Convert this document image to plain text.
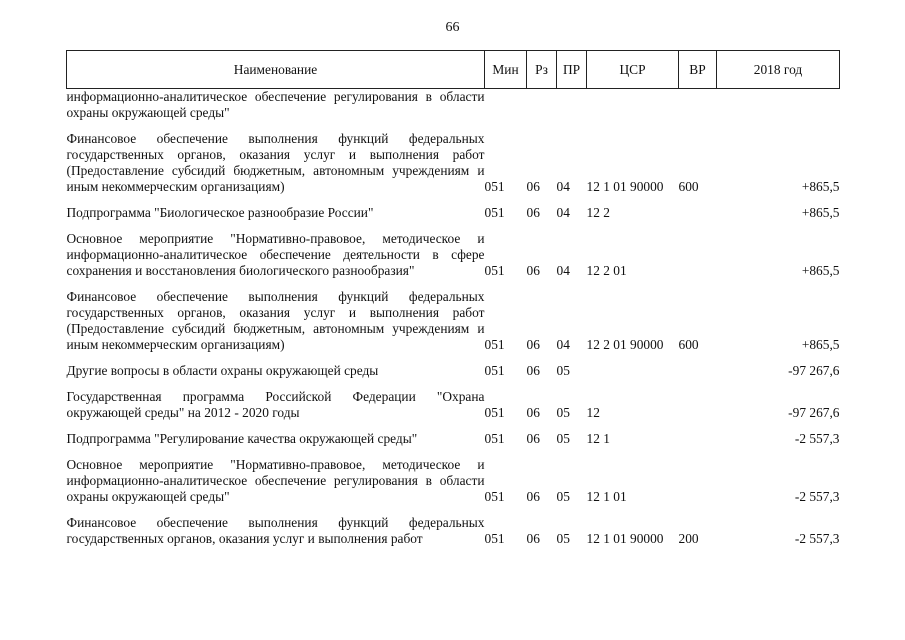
66
Наименование	Мин	Рз	ПР	ЦСР	ВР	2018 год
информационно-аналитическое обеспечение регулирования в области охраны окружающей среды"						

Финансовое обеспечение выполнения функций федеральных государственных органов, оказания услуг и выполнения работ (Предоставление субсидий бюджетным, автономным учреждениям и иным некоммерческим организациям)	051	06	04	12 1 01 90000	600	+865,5

Подпрограмма "Биологическое разнообразие России"	051	06	04	12 2		+865,5

Основное мероприятие "Нормативно-правовое, методическое и информационно-аналитическое обеспечение деятельности в сфере сохранения и восстановления биологического разнообразия"	051	06	04	12 2 01		+865,5

Финансовое обеспечение выполнения функций федеральных государственных органов, оказания услуг и выполнения работ (Предоставление субсидий бюджетным, автономным учреждениям и иным некоммерческим организациям)	051	06	04	12 2 01 90000	600	+865,5

Другие вопросы в области охраны окружающей среды	051	06	05			-97 267,6

Государственная программа Российской Федерации "Охрана окружающей среды" на 2012 - 2020 годы	051	06	05	12		-97 267,6

Подпрограмма "Регулирование качества окружающей среды"	051	06	05	12 1		-2 557,3

Основное мероприятие "Нормативно-правовое, методическое и информационно-аналитическое обеспечение регулирования в области охраны окружающей среды"	051	06	05	12 1 01		-2 557,3

Финансовое обеспечение выполнения функций федеральных государственных органов, оказания услуг и выполнения работ	051	06	05	12 1 01 90000	200	-2 557,3
